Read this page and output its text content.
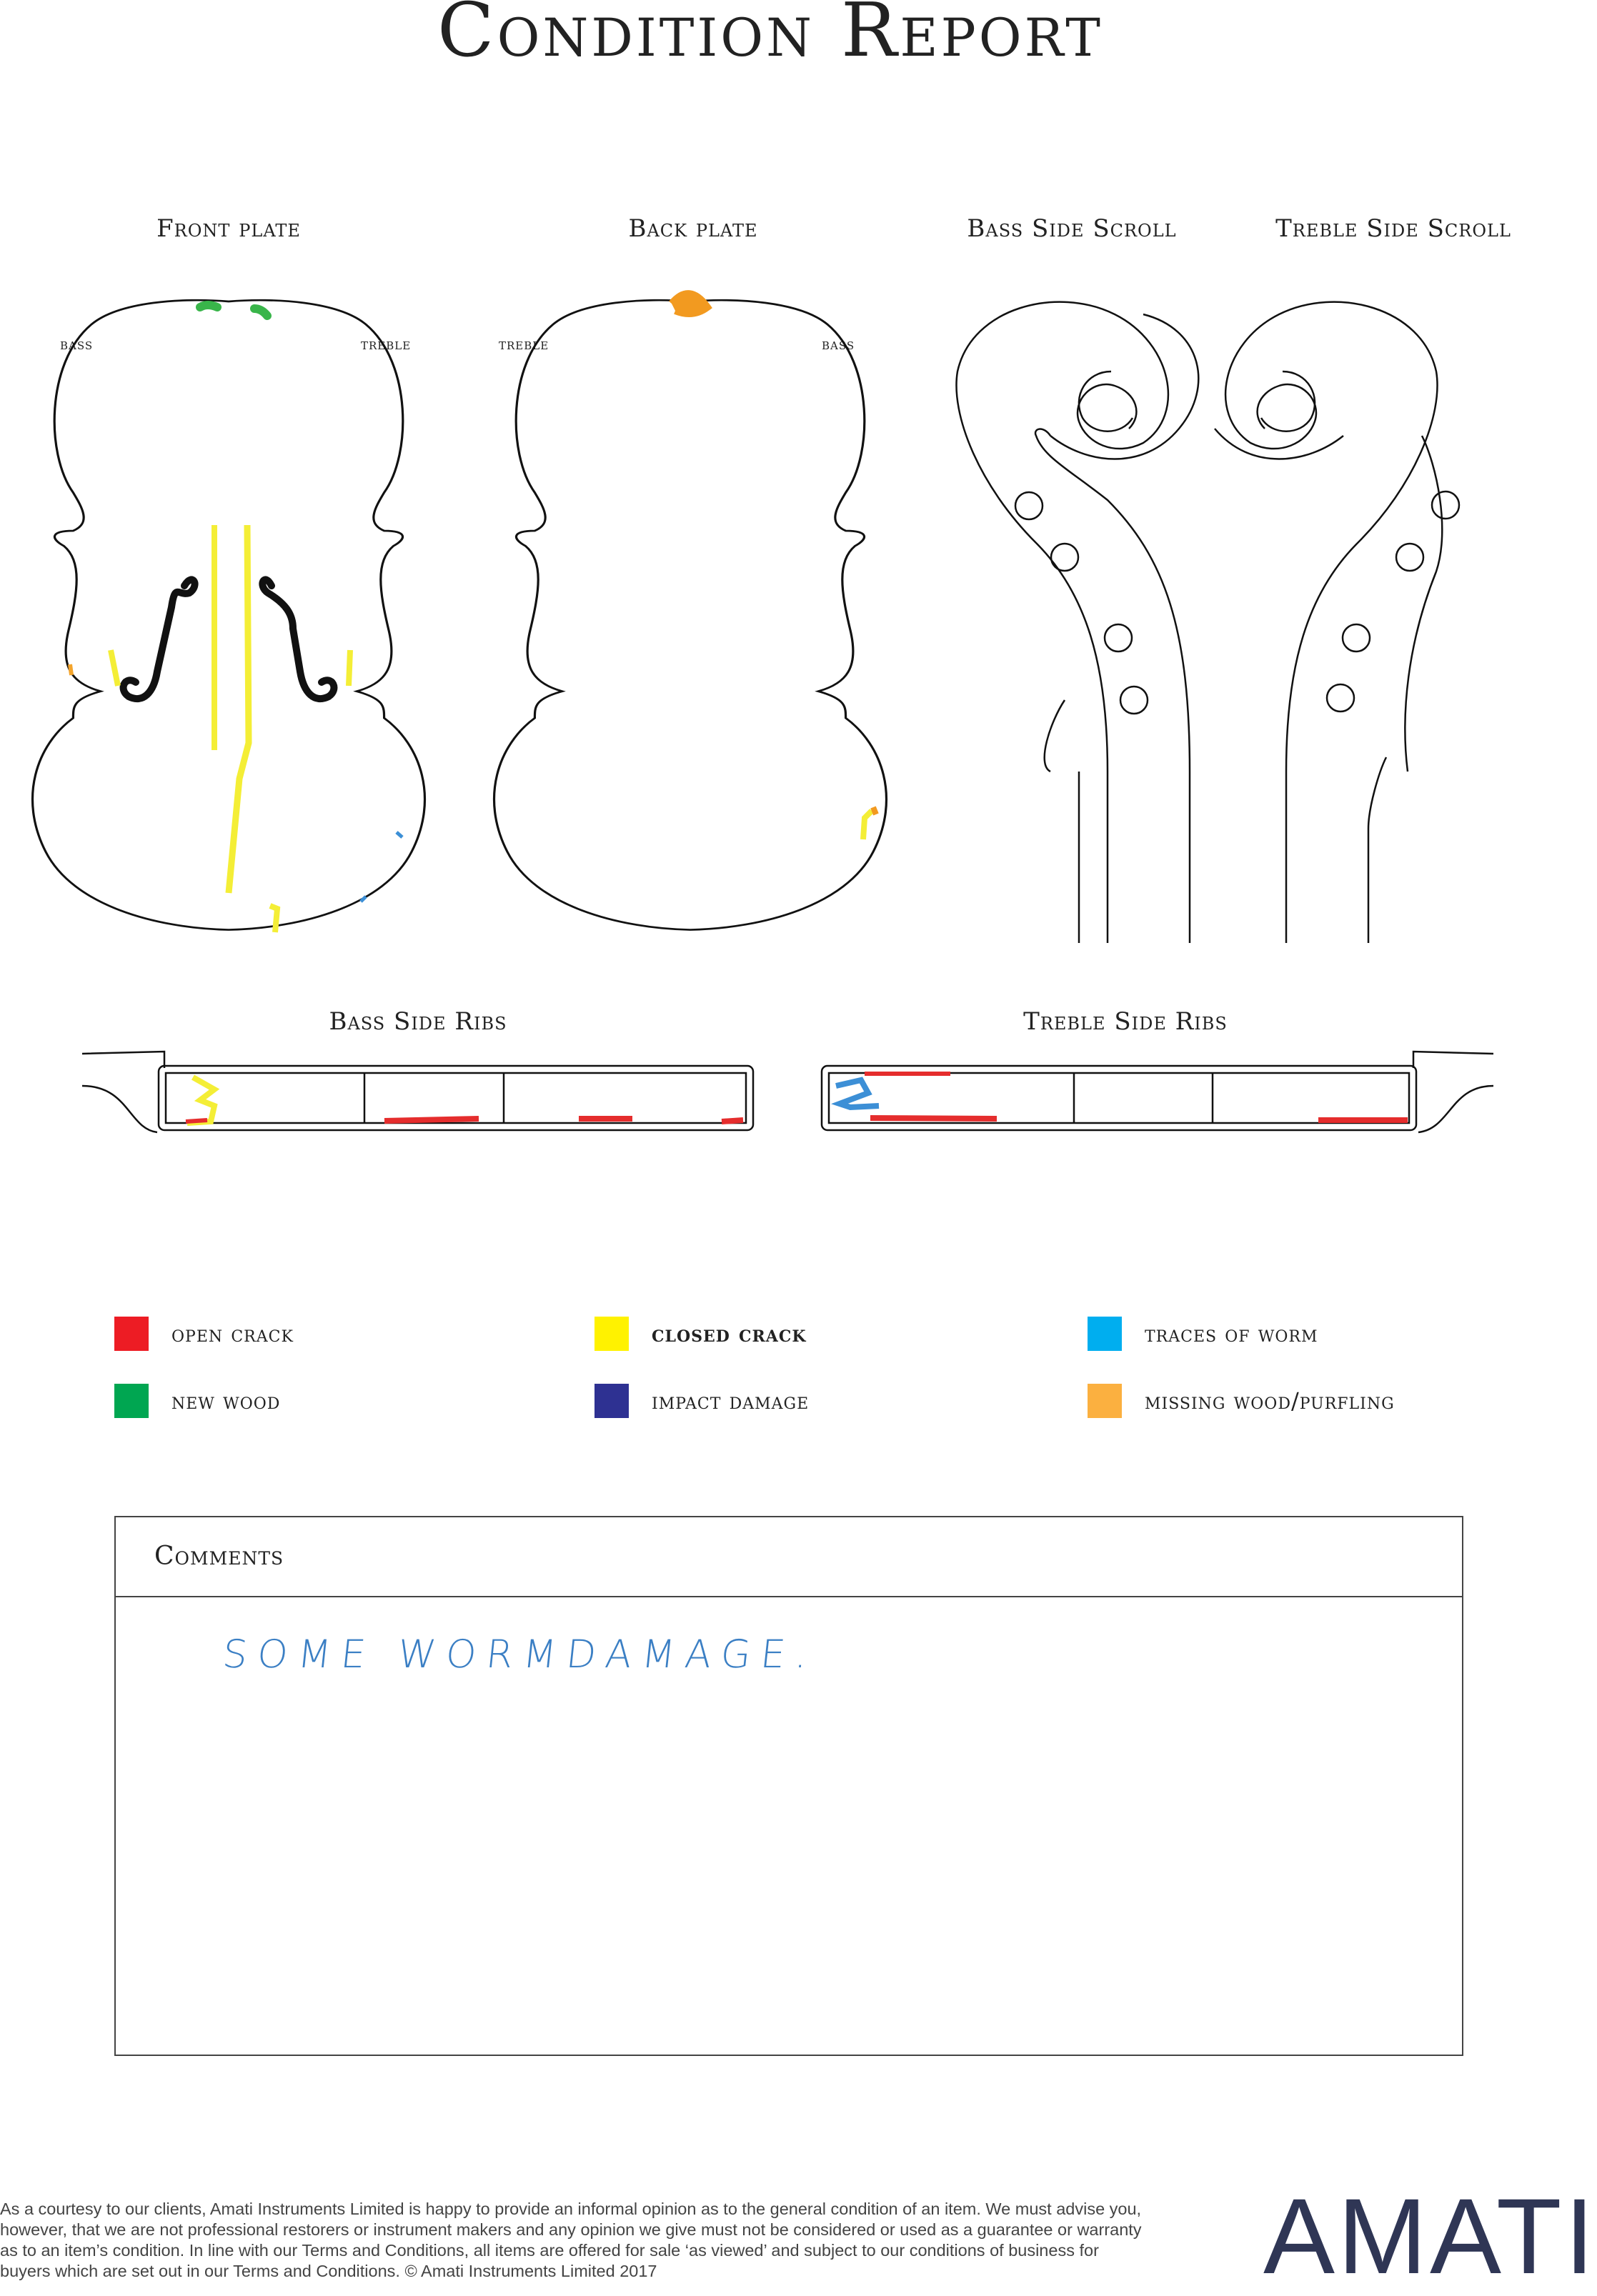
Condition Report
Front plate	Back plate	Bass Side Scroll	Treble Side Scroll
Bass Side Ribs	Treble Side Ribs
bass	treble	treble	bass
open crack	closed crack	traces of worm
new wood	impact damage	missing wood/purfling
Comments
SOME WORMDAMAGE.
As a courtesy to our clients, Amati Instruments Limited is happy to provide an informal opinion as to the general condition of an item. We must advise you, however, that we are not professional restorers or instrument makers and any opinion we give must not be considered or used as a guarantee or warranty as to an item’s condition. In line with our Terms and Conditions, all items are offered for sale ‘as viewed’ and subject to our conditions of business for buyers which are set out in our Terms and Conditions. © Amati Instruments Limited 2017	AMATI
